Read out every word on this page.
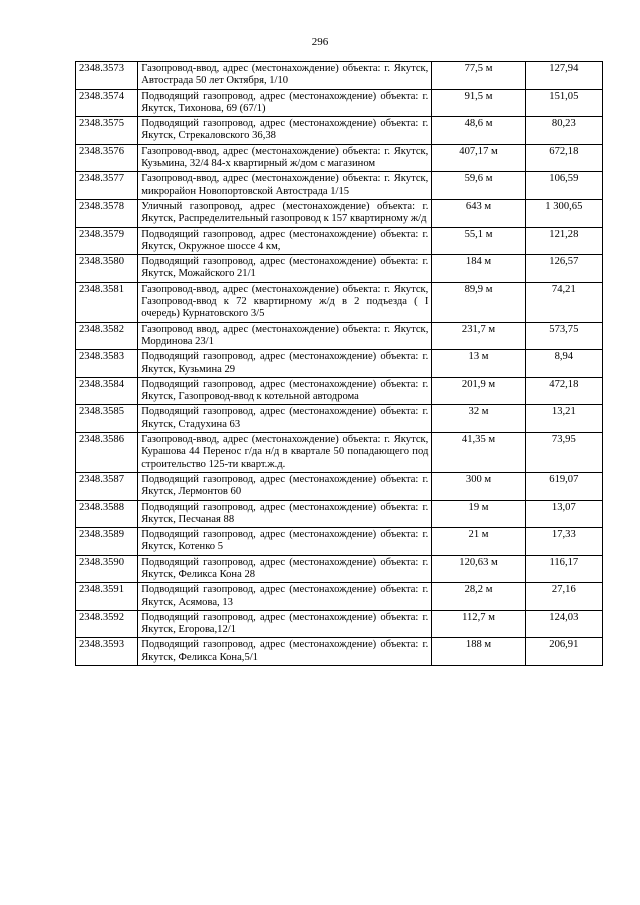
296
2348.3573	Газопровод-ввод, адрес (местонахождение) объекта: г. Якутск, Автострада 50 лет Октября, 1/10	77,5 м	127,94
2348.3574	Подводящий газопровод, адрес (местонахождение) объекта: г. Якутск, Тихонова, 69 (67/1)	91,5 м	151,05
2348.3575	Подводящий газопровод, адрес (местонахождение) объекта: г. Якутск, Стрекаловского 36,38	48,6 м	80,23
2348.3576	Газопровод-ввод, адрес (местонахождение) объекта: г. Якутск, Кузьмина, 32/4 84-х квартирный ж/дом с магазином	407,17 м	672,18
2348.3577	Газопровод-ввод, адрес (местонахождение) объекта: г. Якутск, микрорайон Новопортовской Автострада 1/15	59,6 м	106,59
2348.3578	Уличный газопровод, адрес (местонахождение) объекта: г. Якутск, Распределительный газопровод к 157 квартирному ж/д	643 м	1 300,65
2348.3579	Подводящий газопровод, адрес (местонахождение) объекта: г. Якутск, Окружное шоссе 4 км,	55,1 м	121,28
2348.3580	Подводящий газопровод, адрес (местонахождение) объекта: г. Якутск, Можайского 21/1	184 м	126,57
2348.3581	Газопровод-ввод, адрес (местонахождение) объекта: г. Якутск, Газопровод-ввод к 72 квартирному ж/д в 2 подъезда ( I очередь) Курнатовского 3/5	89,9 м	74,21
2348.3582	Газопровод ввод, адрес (местонахождение) объекта: г. Якутск, Мординова 23/1	231,7 м	573,75
2348.3583	Подводящий газопровод, адрес (местонахождение) объекта: г. Якутск, Кузьмина 29	13 м	8,94
2348.3584	Подводящий газопровод, адрес (местонахождение) объекта: г. Якутск, Газопровод-ввод к котельной автодрома	201,9 м	472,18
2348.3585	Подводящий газопровод, адрес (местонахождение) объекта: г. Якутск, Стадухина 63	32 м	13,21
2348.3586	Газопровод-ввод, адрес (местонахождение) объекта: г. Якутск, Курашова 44 Перенос г/да н/д в квартале 50 попадающего под строительство 125-ти кварт.ж.д.	41,35 м	73,95
2348.3587	Подводящий газопровод, адрес (местонахождение) объекта: г. Якутск, Лермонтов 60	300 м	619,07
2348.3588	Подводящий газопровод, адрес (местонахождение) объекта: г. Якутск, Песчаная 88	19 м	13,07
2348.3589	Подводящий газопровод, адрес (местонахождение) объекта: г. Якутск, Котенко 5	21 м	17,33
2348.3590	Подводящий газопровод, адрес (местонахождение) объекта: г. Якутск, Феликса Кона 28	120,63 м	116,17
2348.3591	Подводящий газопровод, адрес (местонахождение) объекта: г. Якутск, Асямова, 13	28,2 м	27,16
2348.3592	Подводящий газопровод, адрес (местонахождение) объекта: г. Якутск, Егорова,12/1	112,7 м	124,03
2348.3593	Подводящий газопровод, адрес (местонахождение) объекта: г. Якутск, Феликса Кона,5/1	188 м	206,91
